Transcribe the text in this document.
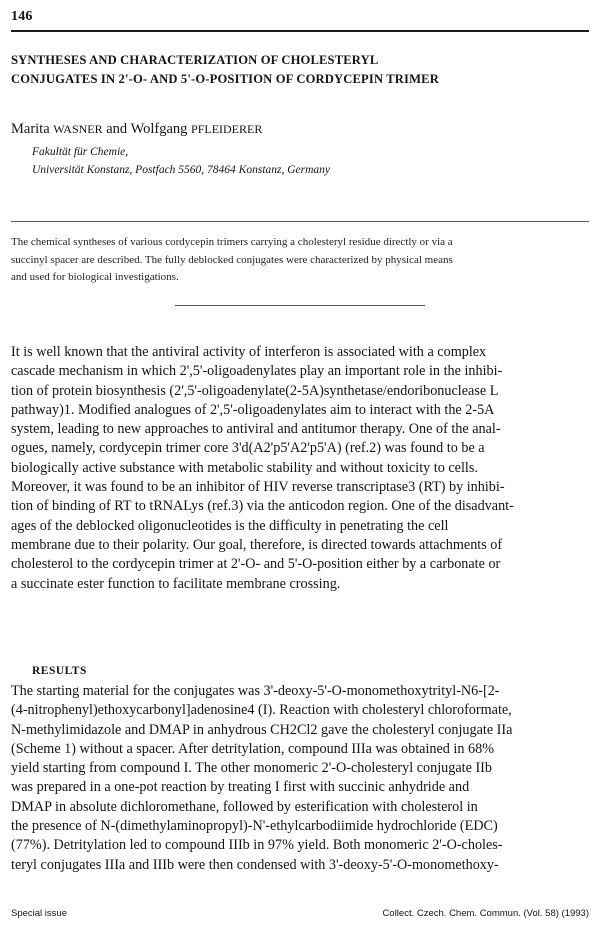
146
SYNTHESES AND CHARACTERIZATION OF CHOLESTERYL
CONJUGATES IN 2'-O- AND 5'-O-POSITION OF CORDYCEPIN TRIMER
Marita WASNER and Wolfgang PFLEIDERER
Fakultät für Chemie,
Universität Konstanz, Postfach 5560, 78464 Konstanz, Germany

The chemical syntheses of various cordycepin trimers carrying a cholesteryl residue directly or via a
succinyl spacer are described. The fully deblocked conjugates were characterized by physical means
and used for biological investigations.

It is well known that the antiviral activity of interferon is associated with a complex
cascade mechanism in which 2',5'-oligoadenylates play an important role in the inhibi-
tion of protein biosynthesis (2',5'-oligoadenylate(2-5A)synthetase/endoribonuclease L
pathway)1. Modified analogues of 2',5'-oligoadenylates aim to interact with the 2-5A
system, leading to new approaches to antiviral and antitumor therapy. One of the anal-
ogues, namely, cordycepin trimer core 3'd(A2'p5'A2'p5'A) (ref.2) was found to be a
biologically active substance with metabolic stability and without toxicity to cells.
Moreover, it was found to be an inhibitor of HIV reverse transcriptase3 (RT) by inhibi-
tion of binding of RT to tRNALys (ref.3) via the anticodon region. One of the disadvant-
ages of the deblocked oligonucleotides is the difficulty in penetrating the cell
membrane due to their polarity. Our goal, therefore, is directed towards attachments of
cholesterol to the cordycepin trimer at 2'-O- and 5'-O-position either by a carbonate or
a succinate ester function to facilitate membrane crossing.

RESULTS

The starting material for the conjugates was 3'-deoxy-5'-O-monomethoxytrityl-N6-[2-
(4-nitrophenyl)ethoxycarbonyl]adenosine4 (I). Reaction with cholesteryl chloroformate,
N-methylimidazole and DMAP in anhydrous CH2Cl2 gave the cholesteryl conjugate IIa
(Scheme 1) without a spacer. After detritylation, compound IIIa was obtained in 68%
yield starting from compound I. The other monomeric 2'-O-cholesteryl conjugate IIb
was prepared in a one-pot reaction by treating I first with succinic anhydride and
DMAP in absolute dichloromethane, followed by esterification with cholesterol in
the presence of N-(dimethylaminopropyl)-N'-ethylcarbodiimide hydrochloride (EDC)
(77%). Detritylation led to compound IIIb in 97% yield. Both monomeric 2'-O-choles-
teryl conjugates IIIa and IIIb were then condensed with 3'-deoxy-5'-O-monomethoxy-

Special issue	Collect. Czech. Chem. Commun. (Vol. 58) (1993)
